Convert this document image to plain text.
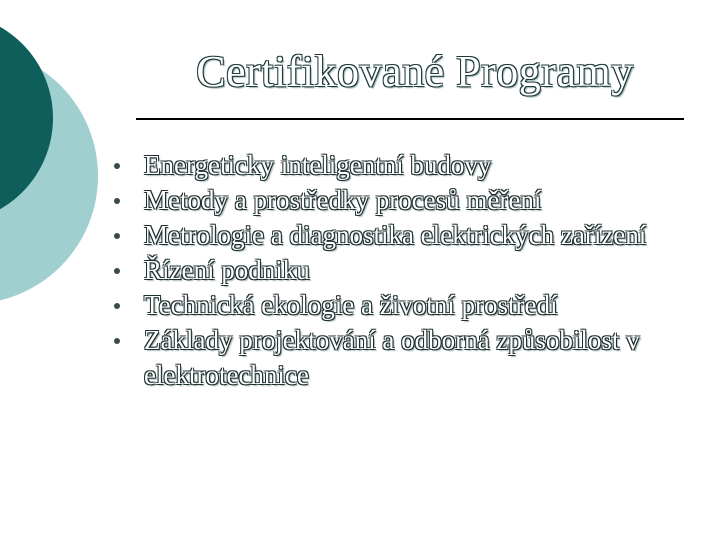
Certifikované Programy
Energeticky inteligentní budovy
Metody a prostředky procesů měření
Metrologie a diagnostika elektrických zařízení
Řízení podniku
Technická ekologie a životní prostředí
Základy projektování a odborná způsobilost v elektrotechnice
